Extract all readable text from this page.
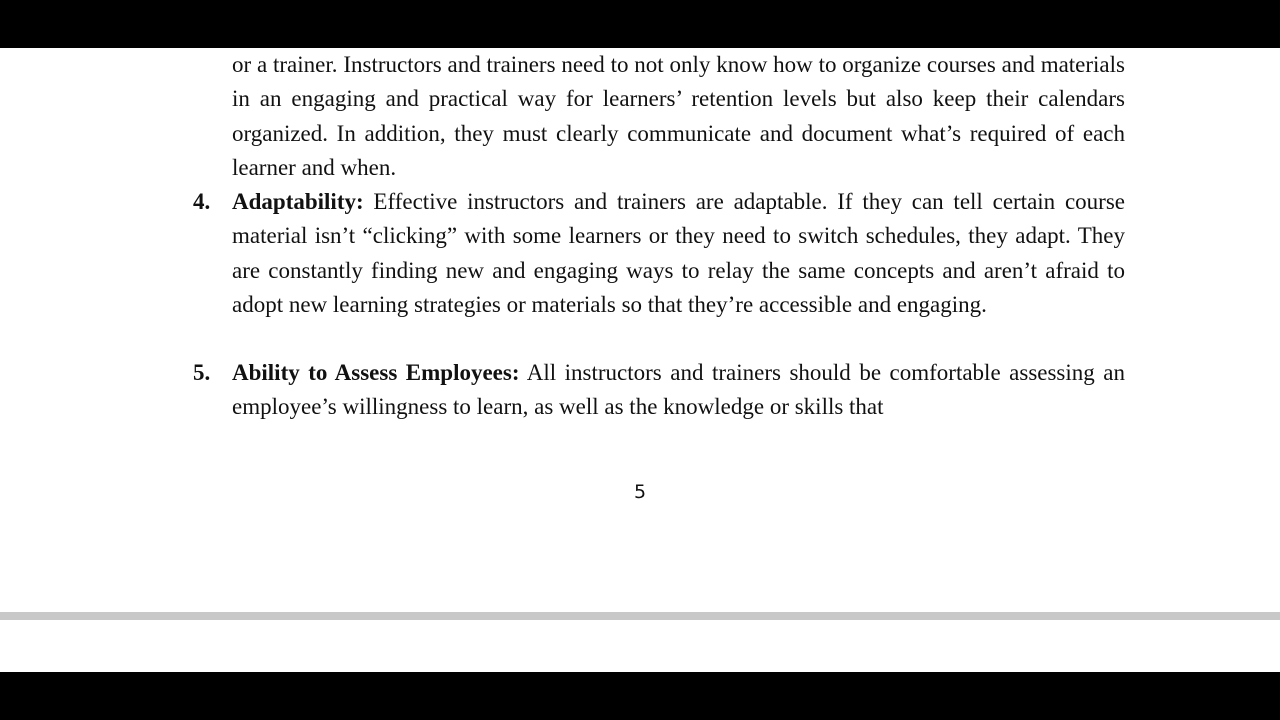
or a trainer. Instructors and trainers need to not only know how to organize courses and materials in an engaging and practical way for learners’ retention levels but also keep their calendars organized. In addition, they must clearly communicate and document what’s required of each learner and when.
4. Adaptability: Effective instructors and trainers are adaptable. If they can tell certain course material isn’t “clicking” with some learners or they need to switch schedules, they adapt. They are constantly finding new and engaging ways to relay the same concepts and aren’t afraid to adopt new learning strategies or materials so that they’re accessible and engaging.
5. Ability to Assess Employees: All instructors and trainers should be comfortable assessing an employee’s willingness to learn, as well as the knowledge or skills that
5
